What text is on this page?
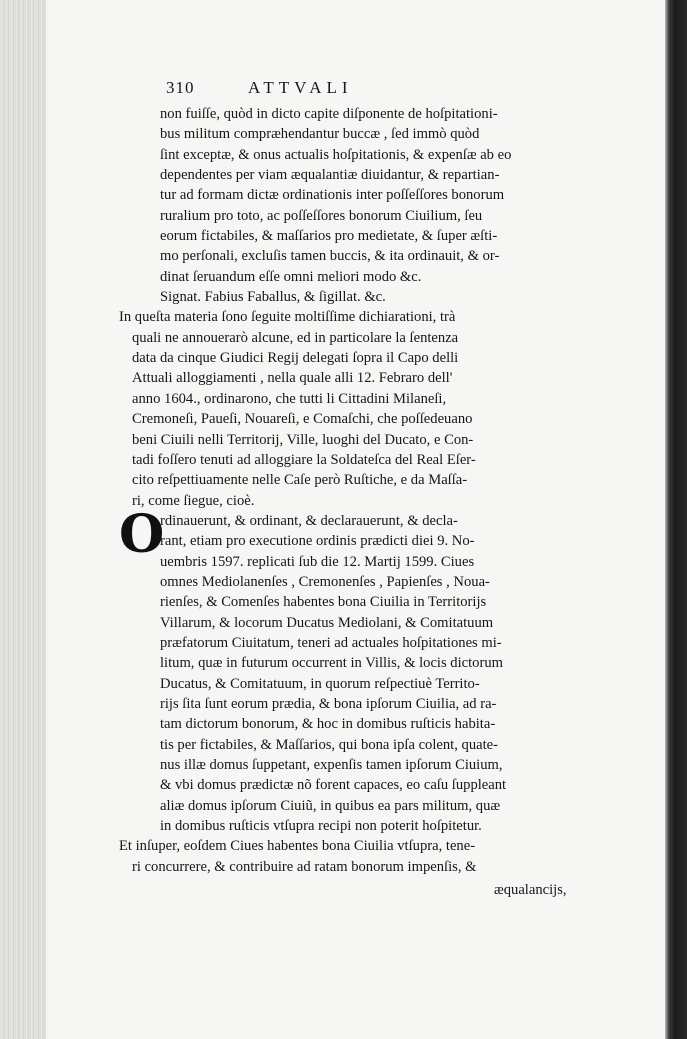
310	ATTVALI
non fuiſſe, quòd in dicto capite diſponente de hoſpitationi-
bus militum compræhendantur buccæ , ſed immò quòd
ſint exceptæ, & onus actualis hoſpitationis, & expenſæ ab eo
dependentes per viam æqualantiæ diuidantur, & repartian-
tur ad formam dictæ ordinationis inter poſſeſſores bonorum
ruralium pro toto, ac poſſeſſores bonorum Ciuilium, ſeu
eorum fictabiles, & maſſarios pro medietate, & ſuper æſti-
mo perſonali, excluſis tamen buccis, & ita ordinauit, & or-
dinat ſeruandum eſſe omni meliori modo &c.
Signat. Fabius Faballus, & ſigillat. &c.
In queſta materia ſono ſeguite moltiſſime dichiarationi, trà
quali ne annouerarò alcune, ed in particolare la ſentenza
data da cinque Giudici Regij delegati ſopra il Capo delli
Attuali alloggiamenti , nella quale alli 12. Febraro dell'
anno 1604., ordinarono, che tutti li Cittadini Milaneſi,
Cremoneſi, Paueſi, Nouareſi, e Comaſchi, che poſſedeuano
beni Ciuili nelli Territorij, Ville, luoghi del Ducato, e Con-
tadi foſſero tenuti ad alloggiare la Soldateſca del Real Eſer-
cito reſpettiuamente nelle Caſe però Ruſtiche, e da Maſſa-
ri, come ſiegue, cioè.
O
rdinauerunt, & ordinant, & declarauerunt, & decla-
rant, etiam pro executione ordinis prædicti diei 9. No-
uembris 1597. replicati ſub die 12. Martij 1599. Ciues
omnes Mediolanenſes , Cremonenſes , Papienſes , Noua-
rienſes, & Comenſes habentes bona Ciuilia in Territorijs
Villarum, & locorum Ducatus Mediolani, & Comitatuum
præfatorum Ciuitatum, teneri ad actuales hoſpitationes mi-
litum, quæ in futurum occurrent in Villis, & locis dictorum
Ducatus, & Comitatuum, in quorum reſpectiuè Territo-
rijs ſita ſunt eorum prædia, & bona ipſorum Ciuilia, ad ra-
tam dictorum bonorum, & hoc in domibus ruſticis habita-
tis per fictabiles, & Maſſarios, qui bona ipſa colent, quate-
nus illæ domus ſuppetant, expenſis tamen ipſorum Ciuium,
& vbi domus prædictæ nõ forent capaces, eo caſu ſuppleant
aliæ domus ipſorum Ciuiũ, in quibus ea pars militum, quæ
in domibus ruſticis vtſupra recipi non poterit hoſpitetur.
Et inſuper, eoſdem Ciues habentes bona Ciuilia vtſupra, tene-
ri concurrere, & contribuire ad ratam bonorum impenſis, &
æqualancijs,
